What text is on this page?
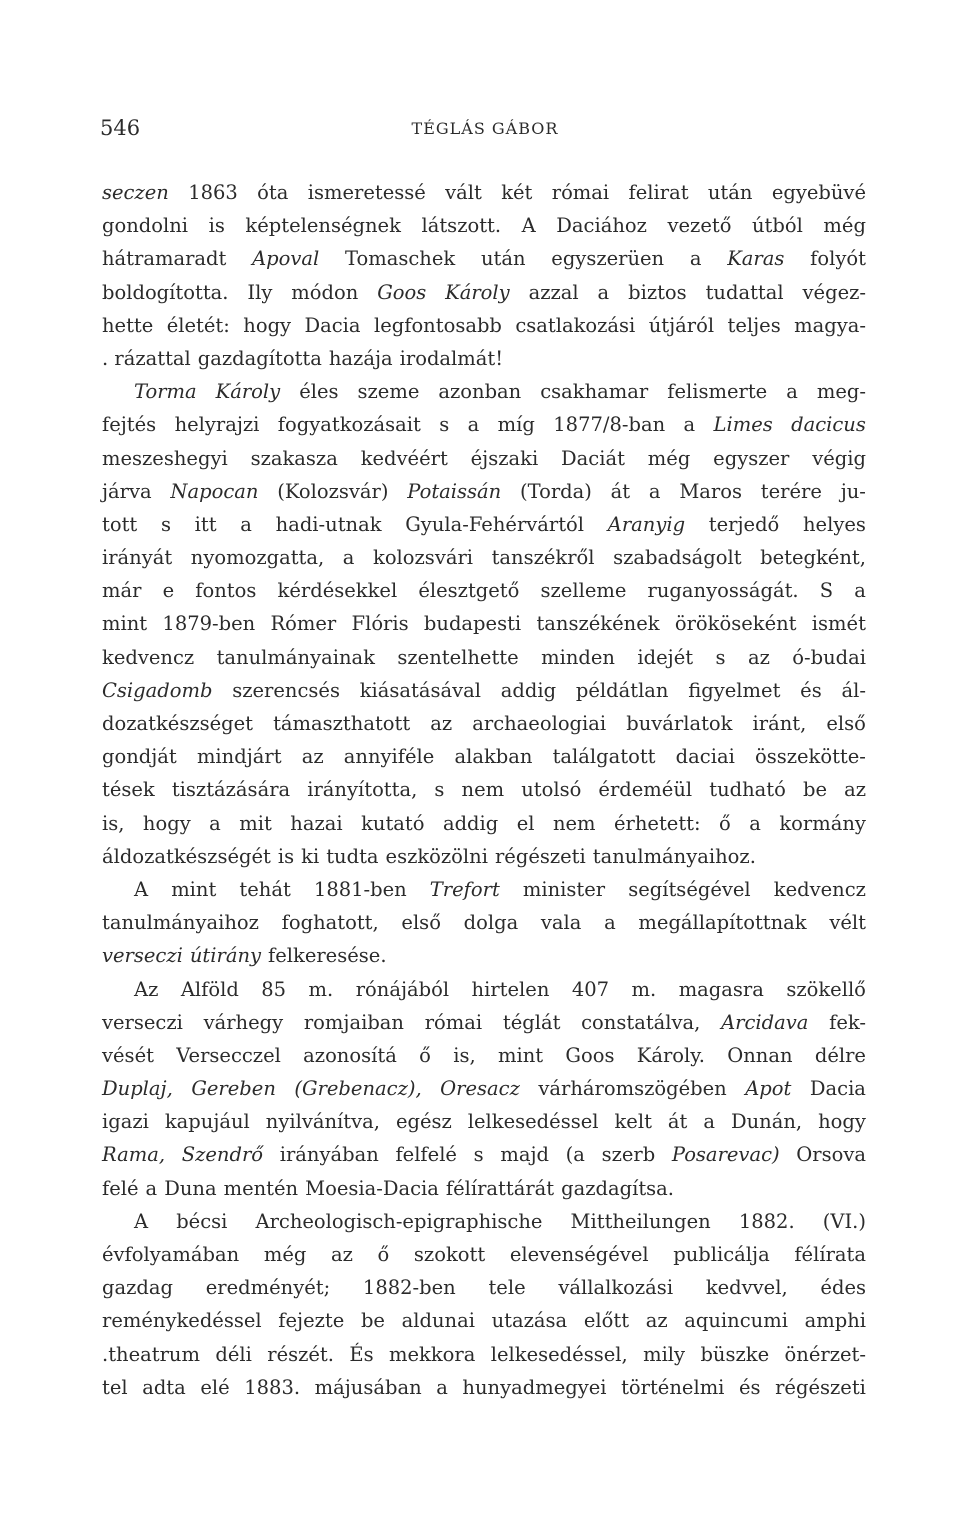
546	TÉGLÁS GÁBOR
seczen 1863 óta ismeretessé vált két római felirat után egyebüvé
gondolni is képtelenségnek látszott. A Daciához vezető útból még
hátramaradt Apoval Tomaschek után egyszerüen a Karas folyót
boldogította. Ily módon Goos Károly azzal a biztos tudattal végez-
hette életét: hogy Dacia legfontosabb csatlakozási útjáról teljes magya-
. rázattal gazdagította hazája irodalmát!
Torma Károly éles szeme azonban csakhamar felismerte a meg-
fejtés helyrajzi fogyatkozásait s a míg 1877/8-ban a Limes dacicus
meszeshegyi szakasza kedvéért éjszaki Daciát még egyszer végig
járva Napocan (Kolozsvár) Potaissán (Torda) át a Maros terére ju-
tott s itt a hadi-utnak Gyula-Fehérvártól Aranyig terjedő helyes
irányát nyomozgatta, a kolozsvári tanszékről szabadságolt betegként,
már e fontos kérdésekkel élesztgető szelleme ruganyosságát. S a
mint 1879-ben Rómer Flóris budapesti tanszékének örököseként ismét
kedvencz tanulmányainak szentelhette minden idejét s az ó-budai
Csigadomb szerencsés kiásatásával addig példátlan figyelmet és ál-
dozatkészséget támaszthatott az archaeologiai buvárlatok iránt, első
gondját mindjárt az annyiféle alakban találgatott daciai összekötte-
tések tisztázására irányította, s nem utolsó érdeméül tudható be az
is, hogy a mit hazai kutató addig el nem érhetett: ő a kormány
áldozatkészségét is ki tudta eszközölni régészeti tanulmányaihoz.
A mint tehát 1881-ben Trefort minister segítségével kedvencz
tanulmányaihoz foghatott, első dolga vala a megállapítottnak vélt
verseczi útirány felkeresése.
Az Alföld 85 m. rónájából hirtelen 407 m. magasra szökellő
verseczi várhegy romjaiban római téglát constatálva, Arcidava fek-
vését Versecczel azonosítá ő is, mint Goos Károly. Onnan délre
Duplaj, Gereben (Grebenacz), Oresacz várháromszögében Apot Dacia
igazi kapujául nyilvánítva, egész lelkesedéssel kelt át a Dunán, hogy
Rama, Szendrő irányában felfelé s majd (a szerb Posarevac) Orsova
felé a Duna mentén Moesia-Dacia félírattárát gazdagítsa.
A bécsi Archeologisch-epigraphische Mittheilungen 1882. (VI.)
évfolyamában még az ő szokott elevenségével publicálja félírata
gazdag eredményét; 1882-ben tele vállalkozási kedvvel, édes
reménykedéssel fejezte be aldunai utazása előtt az aquincumi amphi
.theatrum déli részét. És mekkora lelkesedéssel, mily büszke önérzet-
tel adta elé 1883. májusában a hunyadmegyei történelmi és régészeti
